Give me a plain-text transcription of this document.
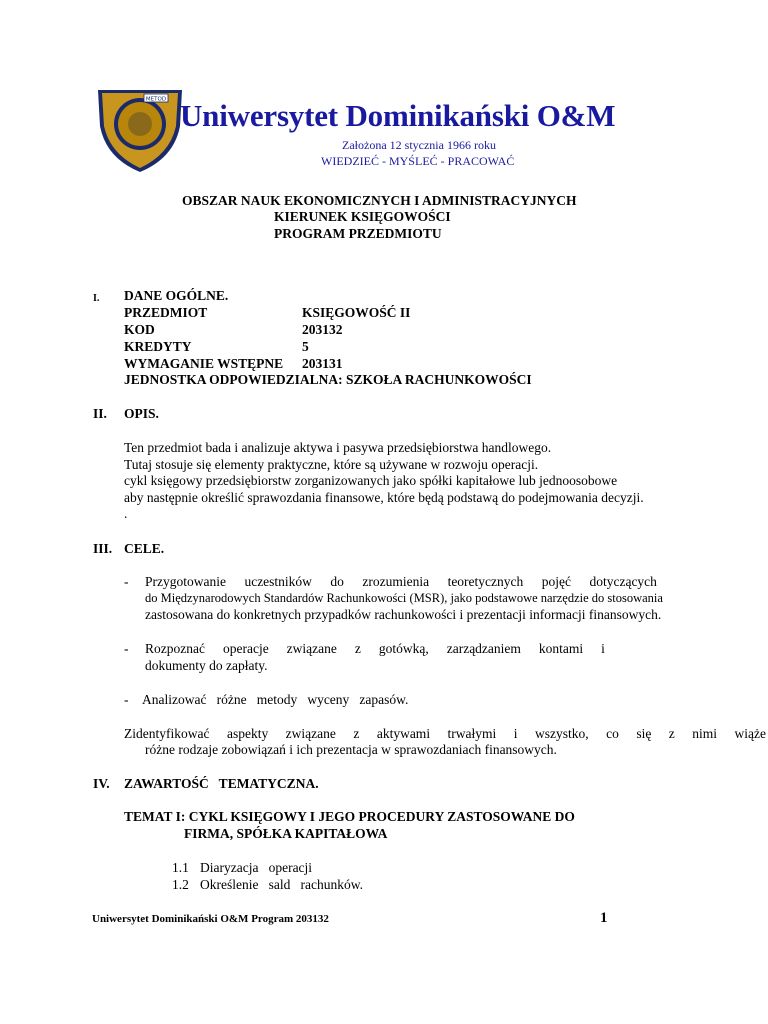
METOD Uniwersytet Dominikański O&M
Założona 12 stycznia 1966 roku
WIEDZIEĆ - MYŚLEĆ - PRACOWAĆ
OBSZAR NAUK EKONOMICZNYCH I ADMINISTRACYJNYCH
KIERUNEK KSIĘGOWOŚCI
PROGRAM PRZEDMIOTU
I. DANE OGÓLNE.
PRZEDMIOT	KSIĘGOWOŚĆ II
KOD	203132
KREDYTY	5
WYMAGANIE WSTĘPNE 203131
JEDNOSTKA ODPOWIEDZIALNA: SZKOŁA RACHUNKOWOŚCI
II. OPIS.
Ten przedmiot bada i analizuje aktywa i pasywa przedsiębiorstwa handlowego.
Tutaj stosuje się elementy praktyczne, które są używane w rozwoju operacji.
cykl księgowy przedsiębiorstw zorganizowanych jako spółki kapitałowe lub jednoosobowe
aby następnie określić sprawozdania finansowe, które będą podstawą do podejmowania decyzji.
.
III. CELE.
- Przygotowanie uczestników do zrozumienia teoretycznych pojęć dotyczących
do Międzynarodowych Standardów Rachunkowości (MSR), jako podstawowe narzędzie do stosowania
zastosowana do konkretnych przypadków rachunkowości i prezentacji informacji finansowych.
- Rozpoznać operacje związane z gotówką, zarządzaniem kontami i
dokumenty do zapłaty.
- Analizować   różne   metody   wyceny   zapasów.
Zidentyfikować aspekty związane z aktywami trwałymi i wszystko, co się z nimi wiąże
różne rodzaje zobowiązań i ich prezentacja w sprawozdaniach finansowych.
IV. ZAWARTOŚĆ   TEMATYCZNA.
TEMAT I: CYKL KSIĘGOWY I JEGO PROCEDURY ZASTOSOWANE DO
FIRMA, SPÓŁKA KAPITAŁOWA
1.1 Diaryzacja   operacji
1.2 Określenie   sald   rachunków.
Uniwersytet Dominikański O&M Program 203132	1
